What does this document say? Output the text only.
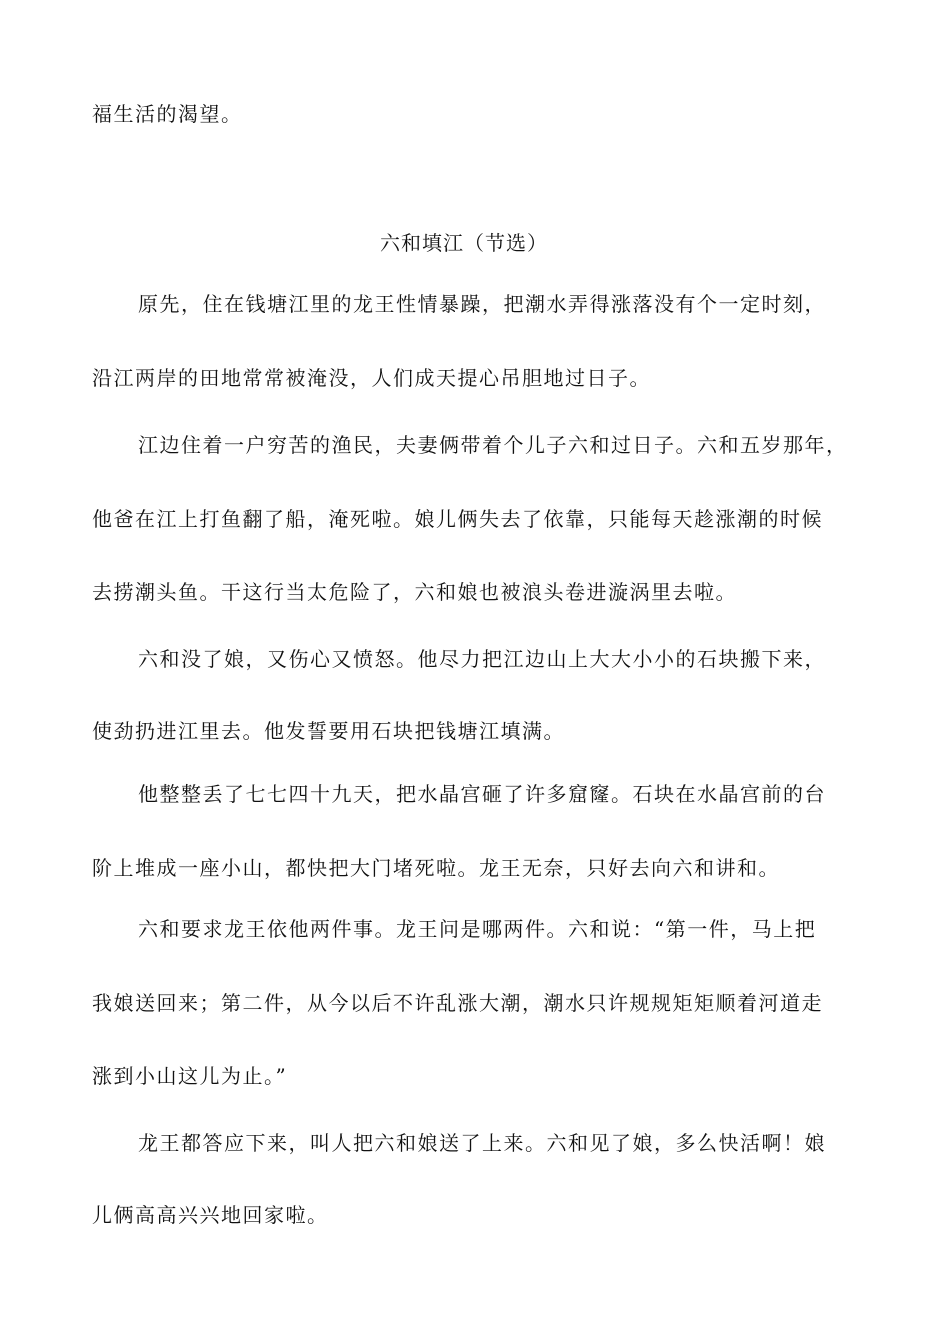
福生活的渴望。
六和填江（节选）
原先，住在钱塘江里的龙王性情暴躁，把潮水弄得涨落没有个一定时刻，
沿江两岸的田地常常被淹没，人们成天提心吊胆地过日子。
江边住着一户穷苦的渔民，夫妻俩带着个儿子六和过日子。六和五岁那年，
他爸在江上打鱼翻了船，淹死啦。娘儿俩失去了依靠，只能每天趁涨潮的时候
去捞潮头鱼。干这行当太危险了，六和娘也被浪头卷进漩涡里去啦。
六和没了娘，又伤心又愤怒。他尽力把江边山上大大小小的石块搬下来，
使劲扔进江里去。他发誓要用石块把钱塘江填满。
他整整丢了七七四十九天，把水晶宫砸了许多窟窿。石块在水晶宫前的台
阶上堆成一座小山，都快把大门堵死啦。龙王无奈，只好去向六和讲和。
六和要求龙王依他两件事。龙王问是哪两件。六和说：“第一件，马上把
我娘送回来；第二件，从今以后不许乱涨大潮，潮水只许规规矩矩顺着河道走
涨到小山这儿为止。”
龙王都答应下来，叫人把六和娘送了上来。六和见了娘，多么快活啊！娘
儿俩高高兴兴地回家啦。
